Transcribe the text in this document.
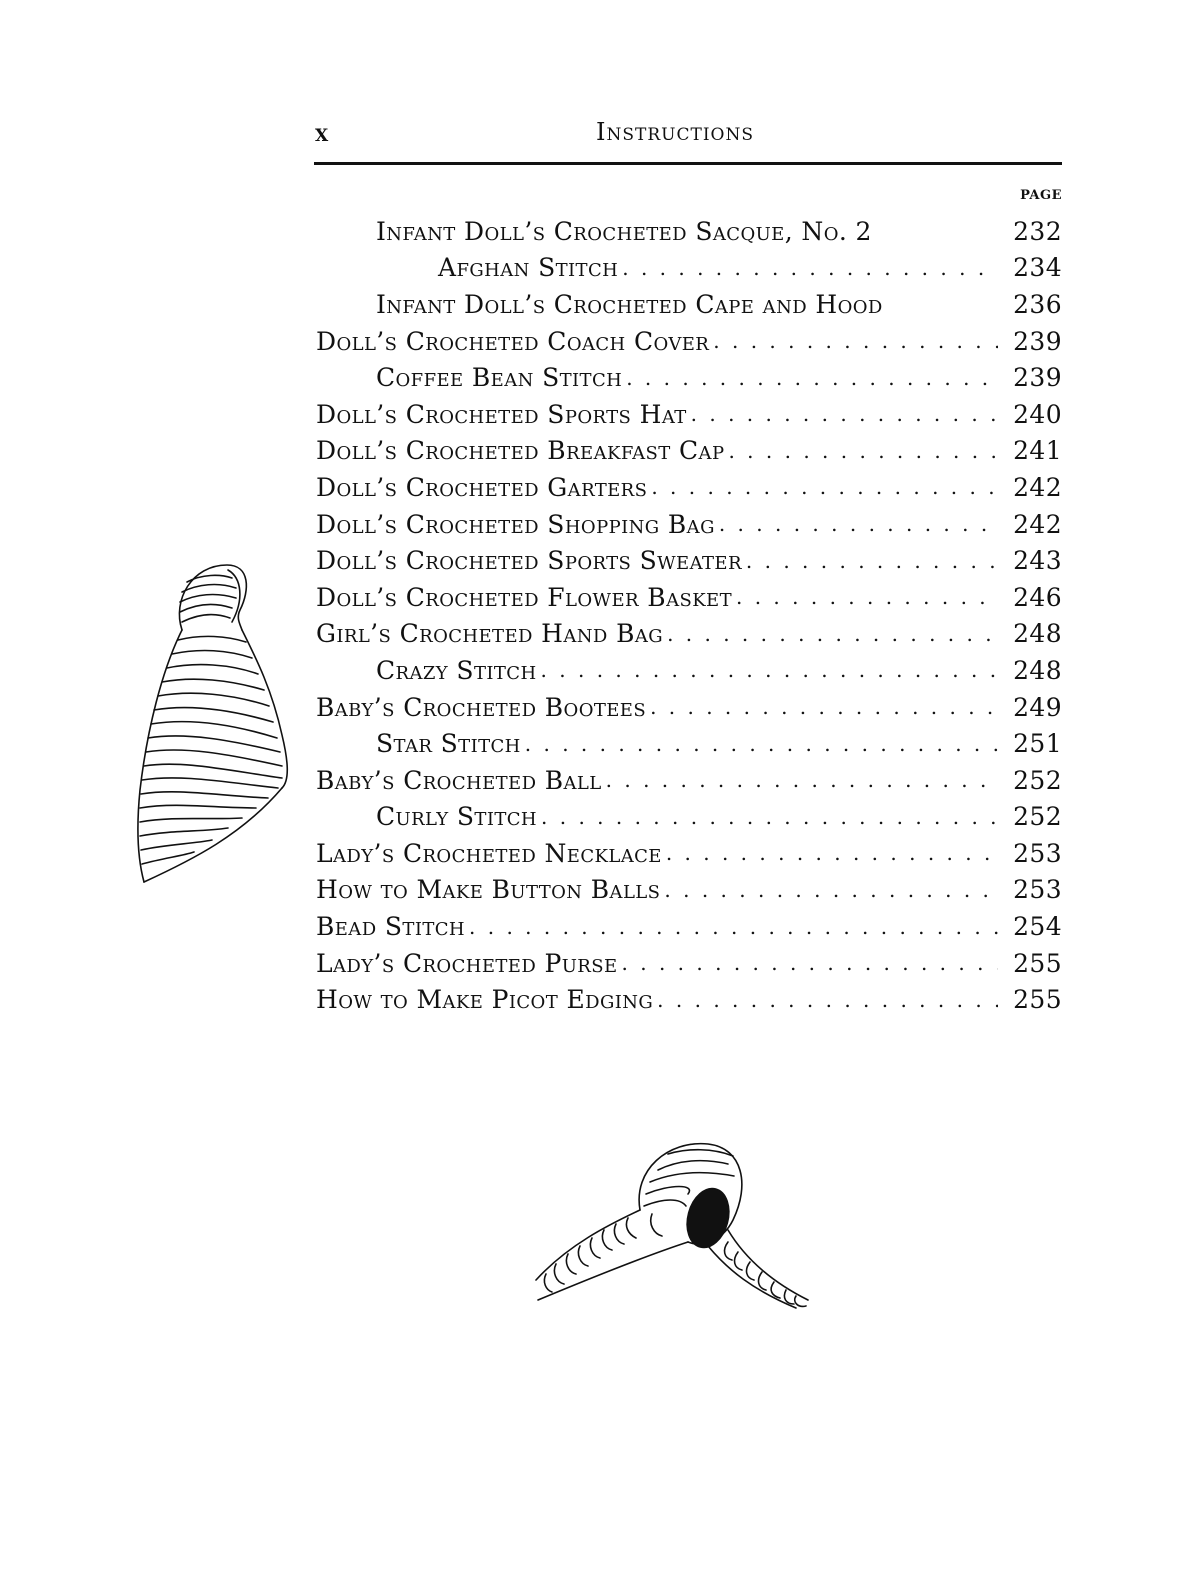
x	Instructions
PAGE
Infant Doll’s Crocheted Sacque, No. 2	232
Afghan Stitch . . .	234
Infant Doll’s Crocheted Cape and Hood	236
Doll’s Crocheted Coach Cover . . .	239
Coffee Bean Stitch . . .	239
Doll’s Crocheted Sports Hat . . .	240
Doll’s Crocheted Breakfast Cap . . .	241
Doll’s Crocheted Garters . . .	242
Doll’s Crocheted Shopping Bag . . .	242
Doll’s Crocheted Sports Sweater . . .	243
Doll’s Crocheted Flower Basket . . .	246
Girl’s Crocheted Hand Bag . . .	248
Crazy Stitch . . .	248
Baby’s Crocheted Bootees . . .	249
Star Stitch . . .	251
Baby’s Crocheted Ball . . .	252
Curly Stitch . . .	252
Lady’s Crocheted Necklace . . .	253
How to Make Button Balls . . .	253
Bead Stitch . . .	254
Lady’s Crocheted Purse . . .	255
How to Make Picot Edging . . .	255
